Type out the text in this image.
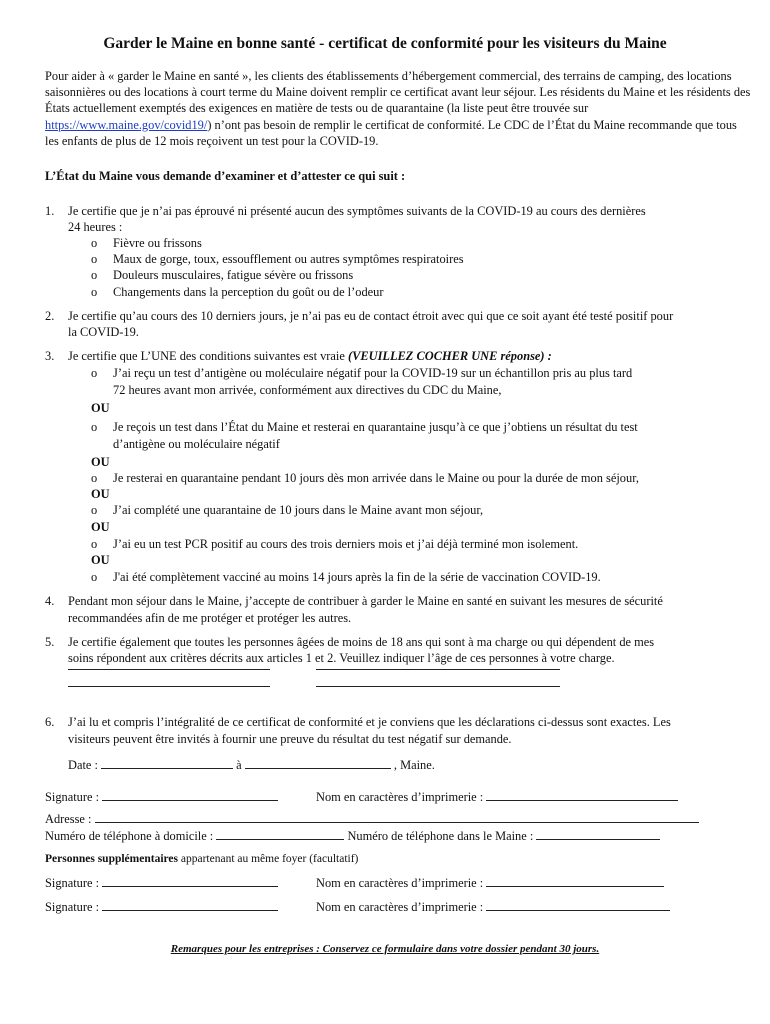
Garder le Maine en bonne santé - certificat de conformité pour les visiteurs du Maine
Pour aider à « garder le Maine en santé », les clients des établissements d’hébergement commercial, des terrains de camping, des locations saisonnières ou des locations à court terme du Maine doivent remplir ce certificat avant leur séjour. Les résidents du Maine et les résidents des États actuellement exemptés des exigences en matière de tests ou de quarantaine (la liste peut être trouvée sur https://www.maine.gov/covid19/) n’ont pas besoin de remplir le certificat de conformité. Le CDC de l’État du Maine recommande que tous les enfants de plus de 12 mois reçoivent un test pour la COVID-19.
L’État du Maine vous demande d’examiner et d’attester ce qui suit :
1. Je certifie que je n’ai pas éprouvé ni présenté aucun des symptômes suivants de la COVID-19 au cours des dernières
24 heures :
o Fièvre ou frissons
o Maux de gorge, toux, essoufflement ou autres symptômes respiratoires
o Douleurs musculaires, fatigue sévère ou frissons
o Changements dans la perception du goût ou de l’odeur
2. Je certifie qu’au cours des 10 derniers jours, je n’ai pas eu de contact étroit avec qui que ce soit ayant été testé positif pour
la COVID-19.
3. Je certifie que L’UNE des conditions suivantes est vraie (VEUILLEZ COCHER UNE réponse) :
o J’ai reçu un test d’antigène ou moléculaire négatif pour la COVID-19 sur un échantillon pris au plus tard
72 heures avant mon arrivée, conformément aux directives du CDC du Maine,
OU
o Je reçois un test dans l’État du Maine et resterai en quarantaine jusqu’à ce que j’obtiens un résultat du test
d’antigène ou moléculaire négatif
OU
o Je resterai en quarantaine pendant 10 jours dès mon arrivée dans le Maine ou pour la durée de mon séjour,
OU
o J’ai complété une quarantaine de 10 jours dans le Maine avant mon séjour,
OU
o J’ai eu un test PCR positif au cours des trois derniers mois et j’ai déjà terminé mon isolement.
OU
o J'ai été complètement vacciné au moins 14 jours après la fin de la série de vaccination COVID-19.
4. Pendant mon séjour dans le Maine, j’accepte de contribuer à garder le Maine en santé en suivant les mesures de sécurité
recommandées afin de me protéger et protéger les autres.
5. Je certifie également que toutes les personnes âgées de moins de 18 ans qui sont à ma charge ou qui dépendent de mes
soins répondent aux critères décrits aux articles 1 et 2. Veuillez indiquer l’âge de ces personnes à votre charge.
6. J’ai lu et compris l’intégralité de ce certificat de conformité et je conviens que les déclarations ci-dessus sont exactes. Les
visiteurs peuvent être invités à fournir une preuve du résultat du test négatif sur demande.
Date :	à	, Maine.
Signature :	Nom en caractères d’imprimerie :
Adresse :
Numéro de téléphone à domicile :	Numéro de téléphone dans le Maine :
Personnes supplémentaires appartenant au même foyer (facultatif)
Signature :	Nom en caractères d’imprimerie :
Signature :	Nom en caractères d’imprimerie :
Remarques pour les entreprises : Conservez ce formulaire dans votre dossier pendant 30 jours.
